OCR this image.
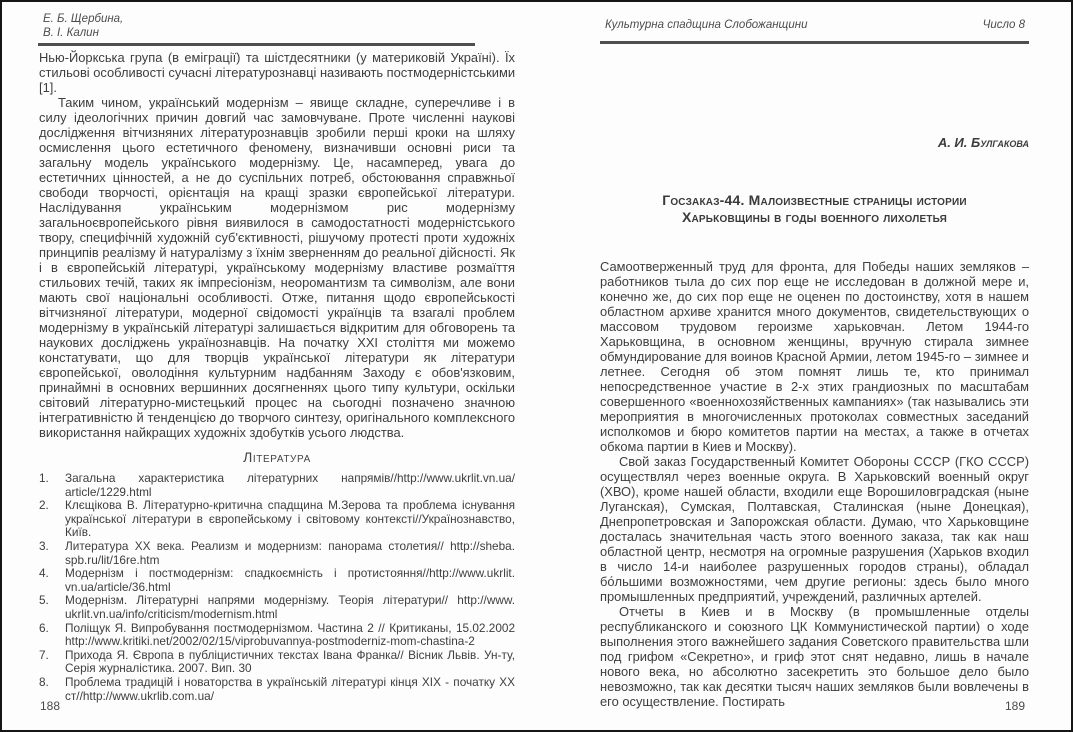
Е. Б. Щербина,
В. І. Калин
Культурна спадщина Слобожанщини	Число 8

Нью-Йоркська група (в еміграції) та шістдесятники (у материковій Україні). Їх стильові особливості сучасні літературознавці називають постмодерністськими [1].

Таким чином, український модернізм – явище складне, суперечливе і в силу ідеологічних причин довгий час замовчуване. Проте численні наукові дослідження вітчизняних літературознавців зробили перші кроки на шляху осмислення цього естетичного феномену, визначивши основні риси та загальну модель українського модернізму. Це, насамперед, увага до естетичних цінностей, а не до суспільних потреб, обстоювання справжньої свободи творчості, орієнтація на кращі зразки європейської літератури. Наслідування українським модернізмом рис модернізму загальноєвропейського рівня виявилося в самодостатності модерністського твору, специфічній художній суб'єктивності, рішучому протесті проти художніх принципів реалізму й натуралізму з їхнім зверненням до реальної дійсності. Як і в європейській літературі, українському модернізму властиве розмаїття стильових течій, таких як імпресіонізм, неоромантизм та символізм, але вони мають свої національні особливості. Отже, питання щодо європейськості вітчизняної літератури, модерної свідомості українців та взагалі проблем модернізму в українській літературі залишається відкритим для обговорень та наукових досліджень українознавців. На початку XXI століття ми можемо констатувати, що для творців української літератури як літератури європейської, оволодіння культурним надбанням Заходу є обов'язковим, принаймні в основних вершинних досягненнях цього типу культури, оскільки світовий літературно-мистецький процес на сьогодні позначено значною інтегративністю й тенденцією до творчого синтезу, оригінального комплексного використання найкращих художніх здобутків усього людства.

Література
1.	Загальна характеристика літературних напрямів//http://www.ukrlit.vn.ua/ article/1229.html
2.	Клєщікова В. Літературно-критична спадщина М.Зерова та проблема існування української літератури в європейському і світовому контексті//Українознавство, Київ.
3.	Литература XX века. Реализм и модернизм: панорама столетия// http://sheba. spb.ru/lit/16re.htm
4.	Модернізм і постмодернізм: спадкоємність і протистояння//http://www.ukrlit. vn.ua/article/36.html
5.	Модернізм. Літературні напрями модернізму. Теорія літератури// http://www. ukrlit.vn.ua/info/criticism/modernism.html
6.	Поліщук Я. Випробування постмодернізмом. Частина 2 // Критиканы, 15.02.2002 http://www.kritiki.net/2002/02/15/viprobuvannya-postmoderniz-mom-chastina-2
7.	Прихода Я. Європа в публіцистичних текстах Івана Франка// Вісник Львів. Ун-ту, Серія журналістика. 2007. Вип. 30
8.	Проблема традицій і новаторства в українській літературі кінця XIX - початку XX ст//http://www.ukrlib.com.ua/
А. И. Булгакова
Госзаказ-44. Малоизвестные страницы истории
Харьковщины в годы военного лихолетья

Самоотверженный труд для фронта, для Победы наших земляков – работников тыла до сих пор еще не исследован в должной мере и, конечно же, до сих пор еще не оценен по достоинству, хотя в нашем областном архиве хранится много документов, свидетельствующих о массовом трудовом героизме харьковчан. Летом 1944-го Харьковщина, в основном женщины, вручную стирала зимнее обмундирование для воинов Красной Армии, летом 1945-го – зимнее и летнее. Сегодня об этом помнят лишь те, кто принимал непосредственное участие в 2-х этих грандиозных по масштабам совершенного «военнохозяйственных кампаниях» (так назывались эти мероприятия в многочисленных протоколах совместных заседаний исполкомов и бюро комитетов партии на местах, а также в отчетах обкома партии в Киев и Москву).

Свой заказ Государственный Комитет Обороны СССР (ГКО СССР) осуществлял через военные округа. В Харьковский военный округ (ХВО), кроме нашей области, входили еще Ворошиловградская (ныне Луганская), Сумская, Полтавская, Сталинская (ныне Донецкая), Днепропетровская и Запорожская области. Думаю, что Харьковщине досталась значительная часть этого военного заказа, так как наш областной центр, несмотря на огромные разрушения (Харьков входил в число 14-и наиболее разрушенных городов страны), обладал бо́льшими возможностями, чем другие регионы: здесь было много промышленных предприятий, учреждений, различных артелей.

Отчеты в Киев и в Москву (в промышленные отделы республиканского и союзного ЦК Коммунистической партии) о ходе выполнения этого важнейшего задания Советского правительства шли под грифом «Секретно», и гриф этот снят недавно, лишь в начале нового века, но абсолютно засекретить это большое дело было невозможно, так как десятки тысяч наших земляков были вовлечены в его осуществление. Постирать

188	189
